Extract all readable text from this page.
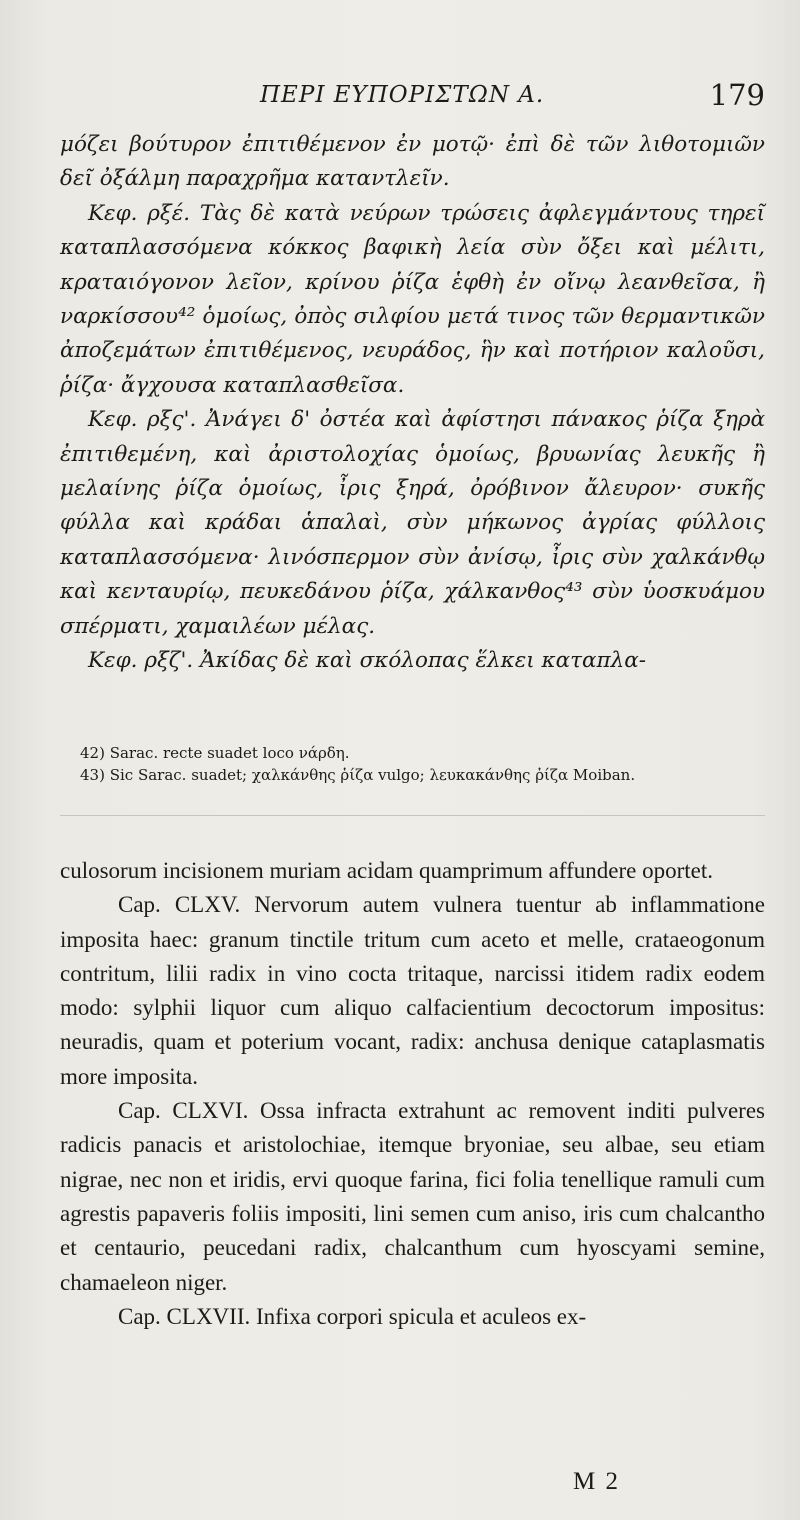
ΠΕΡΙ ΕΥΠΟΡΙΣΤΩΝ Α.	179

μόζει βούτυρον ἐπιτιθέμενον ἐν μοτῷ· ἐπὶ δὲ τῶν λιθοτομιῶν δεῖ ὀξάλμη παραχρῆμα καταντλεῖν.

Κεφ. ρξέ. Τὰς δὲ κατὰ νεύρων τρώσεις ἀφλεγμάντους τηρεῖ καταπλασσόμενα κόκκος βαφικὴ λεία σὺν ὄξει καὶ μέλιτι, κραταιόγονον λεῖον, κρίνου ῥίζα ἑφθὴ ἐν οἴνῳ λεανθεῖσα, ἢ ναρκίσσου⁴² ὁμοίως, ὀπὸς σιλφίου μετά τινος τῶν θερμαντικῶν ἀποζεμάτων ἐπιτιθέμενος, νευράδος, ἣν καὶ ποτήριον καλοῦσι, ῥίζα· ἄγχουσα καταπλασθεῖσα.

Κεφ. ρξς'. Ἀνάγει δ' ὀστέα καὶ ἀφίστησι πάνακος ῥίζα ξηρὰ ἐπιτιθεμένη, καὶ ἀριστολοχίας ὁμοίως, βρυωνίας λευκῆς ἢ μελαίνης ῥίζα ὁμοίως, ἶρις ξηρά, ὀρόβινον ἄλευρον· συκῆς φύλλα καὶ κράδαι ἁπαλαὶ, σὺν μήκωνος ἀγρίας φύλλοις καταπλασσόμενα· λινόσπερμον σὺν ἀνίσῳ, ἶρις σὺν χαλκάνθῳ καὶ κενταυρίῳ, πευκεδάνου ῥίζα, χάλκανθος⁴³ σὺν ὑοσκυάμου σπέρματι, χαμαιλέων μέλας.

Κεφ. ρξζ'. Ἀκίδας δὲ καὶ σκόλοπας ἕλκει καταπλα-

42) Sarac. recte suadet loco νάρδη.

43) Sic Sarac. suadet; χαλκάνθης ῥίζα vulgo; λευκακάνθης ῥίζα Moiban.

culosorum incisionem muriam acidam quamprimum affundere oportet.

Cap. CLXV. Nervorum autem vulnera tuentur ab inflammatione imposita haec: granum tinctile tritum cum aceto et melle, crataeogonum contritum, lilii radix in vino cocta tritaque, narcissi itidem radix eodem modo: sylphii liquor cum aliquo calfacientium decoctorum impositus: neuradis, quam et poterium vocant, radix: anchusa denique cataplasmatis more imposita.

Cap. CLXVI. Ossa infracta extrahunt ac removent inditi pulveres radicis panacis et aristolochiae, itemque bryoniae, seu albae, seu etiam nigrae, nec non et iridis, ervi quoque farina, fici folia tenellique ramuli cum agrestis papaveris foliis impositi, lini semen cum aniso, iris cum chalcantho et centaurio, peucedani radix, chalcanthum cum hyoscyami semine, chamaeleon niger.

Cap. CLXVII. Infixa corpori spicula et aculeos ex-

M 2
